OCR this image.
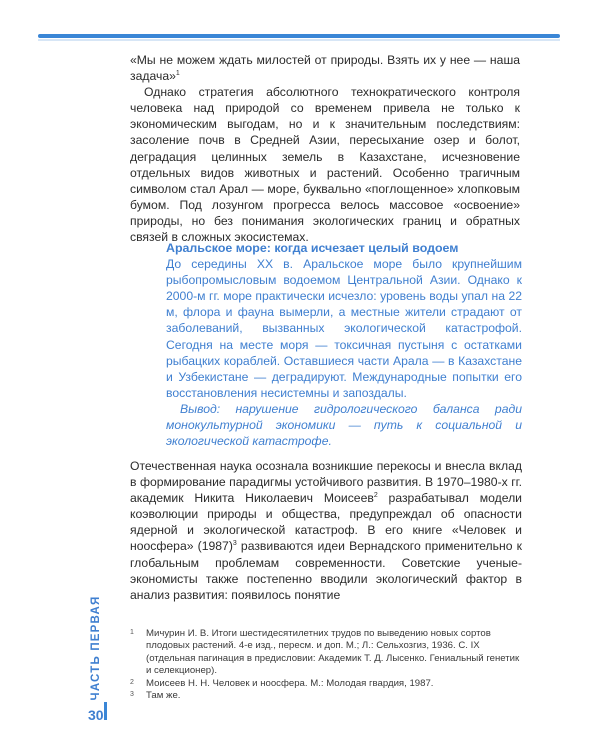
«Мы не можем ждать милостей от природы. Взять их у нее — наша задача»$^1$

Однако стратегия абсолютного технократического контроля человека над природой со временем привела не только к экономическим выгодам, но и к значительным последствиям: засоление почв в Средней Азии, пересыхание озер и болот, деградация целинных земель в Казахстане, исчезновение отдельных видов животных и растений. Особенно трагичным символом стал Арал — море, буквально «поглощенное» хлопковым бумом. Под лозунгом прогресса велось массовое «освоение» природы, но без понимания экологических границ и обратных связей в сложных экосистемах.

Аральское море: когда исчезает целый водоем

До середины XX в. Аральское море было крупнейшим рыбопромысловым водоемом Центральной Азии. Однако к 2000-м гг. море практически исчезло: уровень воды упал на 22 м, флора и фауна вымерли, а местные жители страдают от заболеваний, вызванных экологической катастрофой. Сегодня на месте моря — токсичная пустыня с остатками рыбацких кораблей. Оставшиеся части Арала — в Казахстане и Узбекистане — деградируют. Международные попытки его восстановления несистемны и запоздалы.

Вывод: нарушение гидрологического баланса ради монокультурной экономики — путь к социальной и экологической катастрофе.

Отечественная наука осознала возникшие перекосы и внесла вклад в формирование парадигмы устойчивого развития. В 1970–1980-х гг. академик Никита Николаевич Моисеев$^2$ разрабатывал модели коэволюции природы и общества, предупреждал об опасности ядерной и экологической катастроф. В его книге «Человек и ноосфера» (1987)$^3$ развиваются идеи Вернадского применительно к глобальным проблемам современности. Советские ученые-экономисты также постепенно вводили экологический фактор в анализ развития: появилось понятие

1 Мичурин И. В. Итоги шестидесятилетних трудов по выведению новых сортов плодовых растений. 4-е изд., пересм. и доп. М.; Л.: Сельхозгиз, 1936. С. IX (отдельная пагинация в предисловии: Академик Т. Д. Лысенко. Гениальный генетик и селекционер).

2 Моисеев Н. Н. Человек и ноосфера. М.: Молодая гвардия, 1987.

3 Там же.

ЧАСТЬ ПЕРВАЯ
30
